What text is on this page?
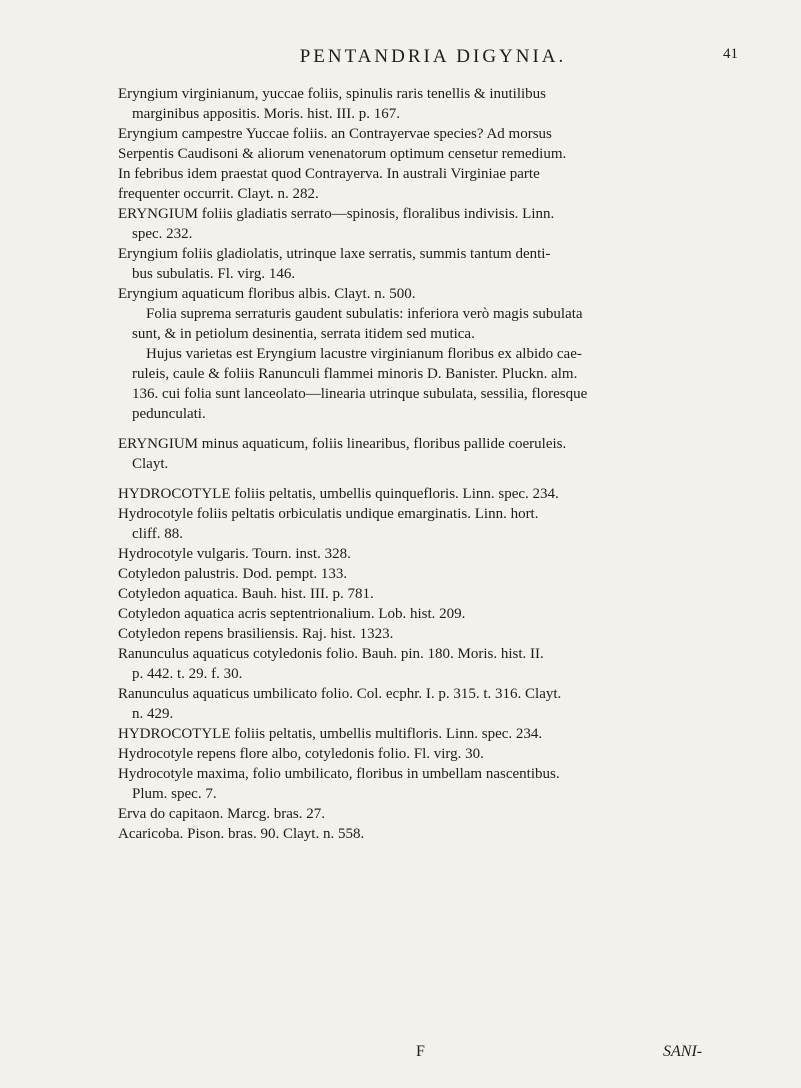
PENTANDRIA DIGYNIA.	41
Eryngium virginianum, yuccae foliis, spinulis raris tenellis & inutilibus
marginibus appositis. Moris. hist. III. p. 167.
Eryngium campestre Yuccae foliis. an Contrayervae species? Ad morsus
Serpentis Caudisoni & aliorum venenatorum optimum censetur remedium.
In febribus idem praestat quod Contrayerva. In australi Virginiae parte
frequenter occurrit. Clayt. n. 282.
ERYNGIUM foliis gladiatis serrato—spinosis, floralibus indivisis. Linn.
spec. 232.
Eryngium foliis gladiolatis, utrinque laxe serratis, summis tantum denti-
bus subulatis. Fl. virg. 146.
Eryngium aquaticum floribus albis. Clayt. n. 500.
Folia suprema serraturis gaudent subulatis: inferiora verò magis subulata
sunt, & in petiolum desinentia, serrata itidem sed mutica.
Hujus varietas est Eryngium lacustre virginianum floribus ex albido cae-
ruleis, caule & foliis Ranunculi flammei minoris D. Banister. Pluckn. alm.
136. cui folia sunt lanceolato—linearia utrinque subulata, sessilia, floresque
pedunculati.
ERYNGIUM minus aquaticum, foliis linearibus, floribus pallide coeruleis.
Clayt.
HYDROCOTYLE foliis peltatis, umbellis quinquefloris. Linn. spec. 234.
Hydrocotyle foliis peltatis orbiculatis undique emarginatis. Linn. hort.
cliff. 88.
Hydrocotyle vulgaris. Tourn. inst. 328.
Cotyledon palustris. Dod. pempt. 133.
Cotyledon aquatica. Bauh. hist. III. p. 781.
Cotyledon aquatica acris septentrionalium. Lob. hist. 209.
Cotyledon repens brasiliensis. Raj. hist. 1323.
Ranunculus aquaticus cotyledonis folio. Bauh. pin. 180. Moris. hist. II.
p. 442. t. 29. f. 30.
Ranunculus aquaticus umbilicato folio. Col. ecphr. I. p. 315. t. 316. Clayt.
n. 429.
HYDROCOTYLE foliis peltatis, umbellis multifloris. Linn. spec. 234.
Hydrocotyle repens flore albo, cotyledonis folio. Fl. virg. 30.
Hydrocotyle maxima, folio umbilicato, floribus in umbellam nascentibus.
Plum. spec. 7.
Erva do capitaon. Marcg. bras. 27.
Acaricoba. Pison. bras. 90. Clayt. n. 558.
F	SANI-
